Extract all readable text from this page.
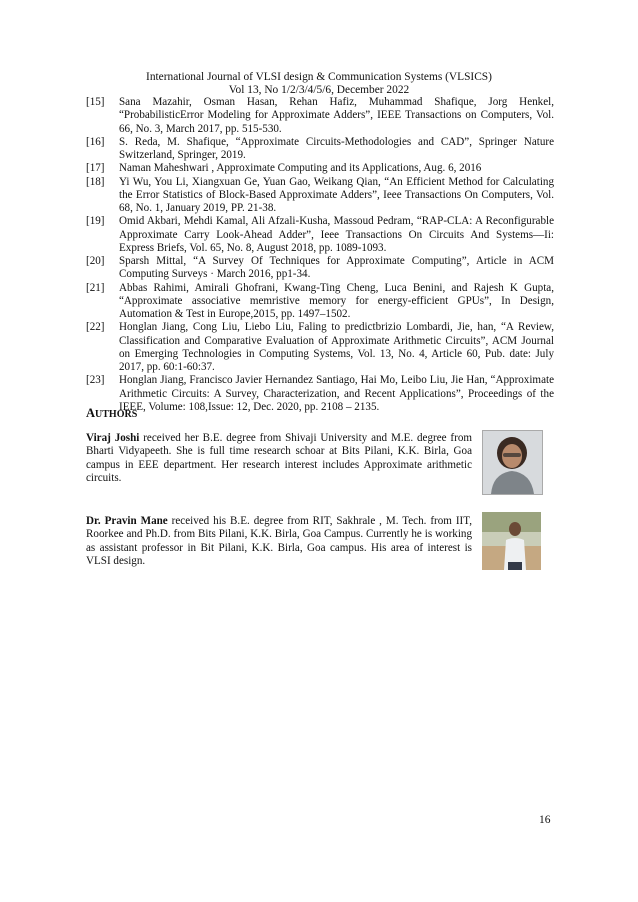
International Journal of VLSI design & Communication Systems (VLSICS)
Vol 13, No 1/2/3/4/5/6, December 2022
[15]	Sana Mazahir, Osman Hasan, Rehan Hafiz, Muhammad Shafique, Jorg Henkel, “ProbabilisticError Modeling for Approximate Adders”, IEEE Transactions on Computers, Vol. 66, No. 3, March 2017, pp. 515-530.
[16]	S. Reda, M. Shafique, “Approximate Circuits-Methodologies and CAD”, Springer Nature Switzerland, Springer, 2019.
[17]	Naman Maheshwari , Approximate Computing and its Applications, Aug. 6, 2016
[18]	Yi Wu, You Li, Xiangxuan Ge, Yuan Gao, Weikang Qian, “An Efficient Method for Calculating the Error Statistics of Block-Based Approximate Adders”, Ieee Transactions On Computers, Vol. 68, No. 1, January 2019, PP. 21-38.
[19]	Omid Akbari, Mehdi Kamal, Ali Afzali-Kusha, Massoud Pedram, “RAP-CLA: A Reconfigurable Approximate Carry Look-Ahead Adder”, Ieee Transactions On Circuits And Systems—Ii: Express Briefs, Vol. 65, No. 8, August 2018, pp. 1089-1093.
[20]	Sparsh Mittal, “A Survey Of Techniques for Approximate Computing”, Article in ACM Computing Surveys · March 2016, pp1-34.
[21]	Abbas Rahimi, Amirali Ghofrani, Kwang-Ting Cheng, Luca Benini, and Rajesh K Gupta, “Approximate associative memristive memory for energy-efficient GPUs”, In Design, Automation & Test in Europe,2015, pp. 1497–1502.
[22]	Honglan Jiang, Cong Liu, Liebo Liu, Faling to predictbrizio Lombardi, Jie, han, “A Review, Classification and Comparative Evaluation of Approximate Arithmetic Circuits”, ACM Journal on Emerging Technologies in Computing Systems, Vol. 13, No. 4, Article 60, Pub. date: July 2017, pp. 60:1-60:37.
[23]	Honglan Jiang, Francisco Javier Hernandez Santiago, Hai Mo, Leibo Liu, Jie Han, “Approximate Arithmetic Circuits: A Survey, Characterization, and Recent Applications”, Proceedings of the IEEE, Volume: 108,Issue: 12, Dec. 2020, pp. 2108 – 2135.
AUTHORS
Viraj Joshi received her B.E. degree from Shivaji University and M.E. degree from Bharti Vidyapeeth. She is full time research schoar at Bits Pilani, K.K. Birla, Goa campus in EEE department. Her research interest includes Approximate arithmetic circuits.
Dr. Pravin Mane received his B.E. degree from RIT, Sakhrale , M. Tech. from IIT, Roorkee and Ph.D. from Bits Pilani, K.K. Birla, Goa Campus. Currently he is working as assistant professor in Bit Pilani, K.K. Birla, Goa campus. His area of interest is VLSI design.
16
